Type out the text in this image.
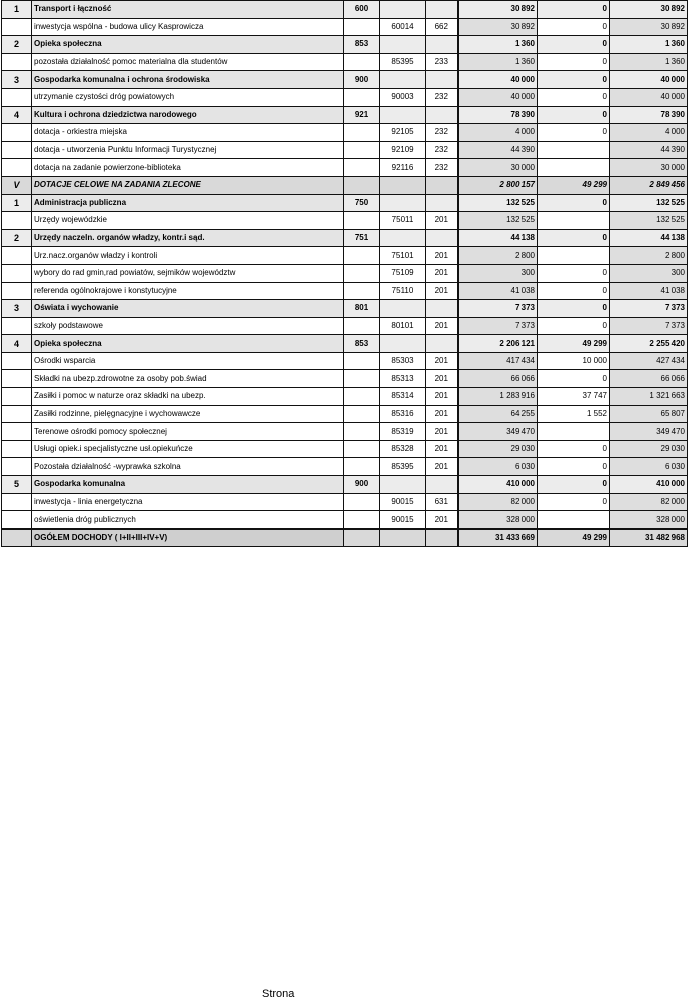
1	Transport i łączność	600			30 892	0	30 892
	inwestycja wspólna - budowa ulicy Kasprowicza		60014	662	30 892	0	30 892
2	Opieka społeczna	853			1 360	0	1 360
	pozostała działalność pomoc materialna dla studentów		85395	233	1 360	0	1 360
3	Gospodarka komunalna i ochrona środowiska	900			40 000	0	40 000
	utrzymanie czystości dróg powiatowych		90003	232	40 000	0	40 000
4	Kultura i ochrona dziedzictwa narodowego	921			78 390	0	78 390
	dotacja - orkiestra miejska		92105	232	4 000	0	4 000
	dotacja - utworzenia Punktu Informacji Turystycznej		92109	232	44 390		44 390
	dotacja na zadanie powierzone-biblioteka		92116	232	30 000		30 000
V	DOTACJE CELOWE NA ZADANIA ZLECONE				2 800 157	49 299	2 849 456
1	Administracja publiczna	750			132 525	0	132 525
	Urzędy wojewódzkie		75011	201	132 525		132 525
2	Urzędy naczeln. organów władzy, kontr.i sąd.	751			44 138	0	44 138
	Urz.nacz.organów władzy i kontroli		75101	201	2 800		2 800
	wybory do rad gmin,rad powiatów, sejmików województw		75109	201	300	0	300
	referenda ogólnokrajowe i konstytucyjne		75110	201	41 038	0	41 038
3	Oświata i wychowanie	801			7 373	0	7 373
	szkoły podstawowe		80101	201	7 373	0	7 373
4	Opieka społeczna	853			2 206 121	49 299	2 255 420
	Ośrodki wsparcia		85303	201	417 434	10 000	427 434
	Składki na ubezp.zdrowotne za osoby pob.świad		85313	201	66 066	0	66 066
	Zasiłki i pomoc w naturze oraz składki na ubezp.		85314	201	1 283 916	37 747	1 321 663
	Zasiłki rodzinne, pielęgnacyjne i wychowawcze		85316	201	64 255	1 552	65 807
	Terenowe ośrodki pomocy społecznej		85319	201	349 470		349 470
	Usługi opiek.i specjalistyczne usł.opiekuńcze		85328	201	29 030	0	29 030
	Pozostała działalność -wyprawka szkolna		85395	201	6 030	0	6 030
5	Gospodarka komunalna	900			410 000	0	410 000
	inwestycja - linia energetyczna		90015	631	82 000	0	82 000
	oświetlenia dróg publicznych		90015	201	328 000		328 000
	OGÓŁEM DOCHODY ( I+II+III+IV+V)				31 433 669	49 299	31 482 968
Strona
